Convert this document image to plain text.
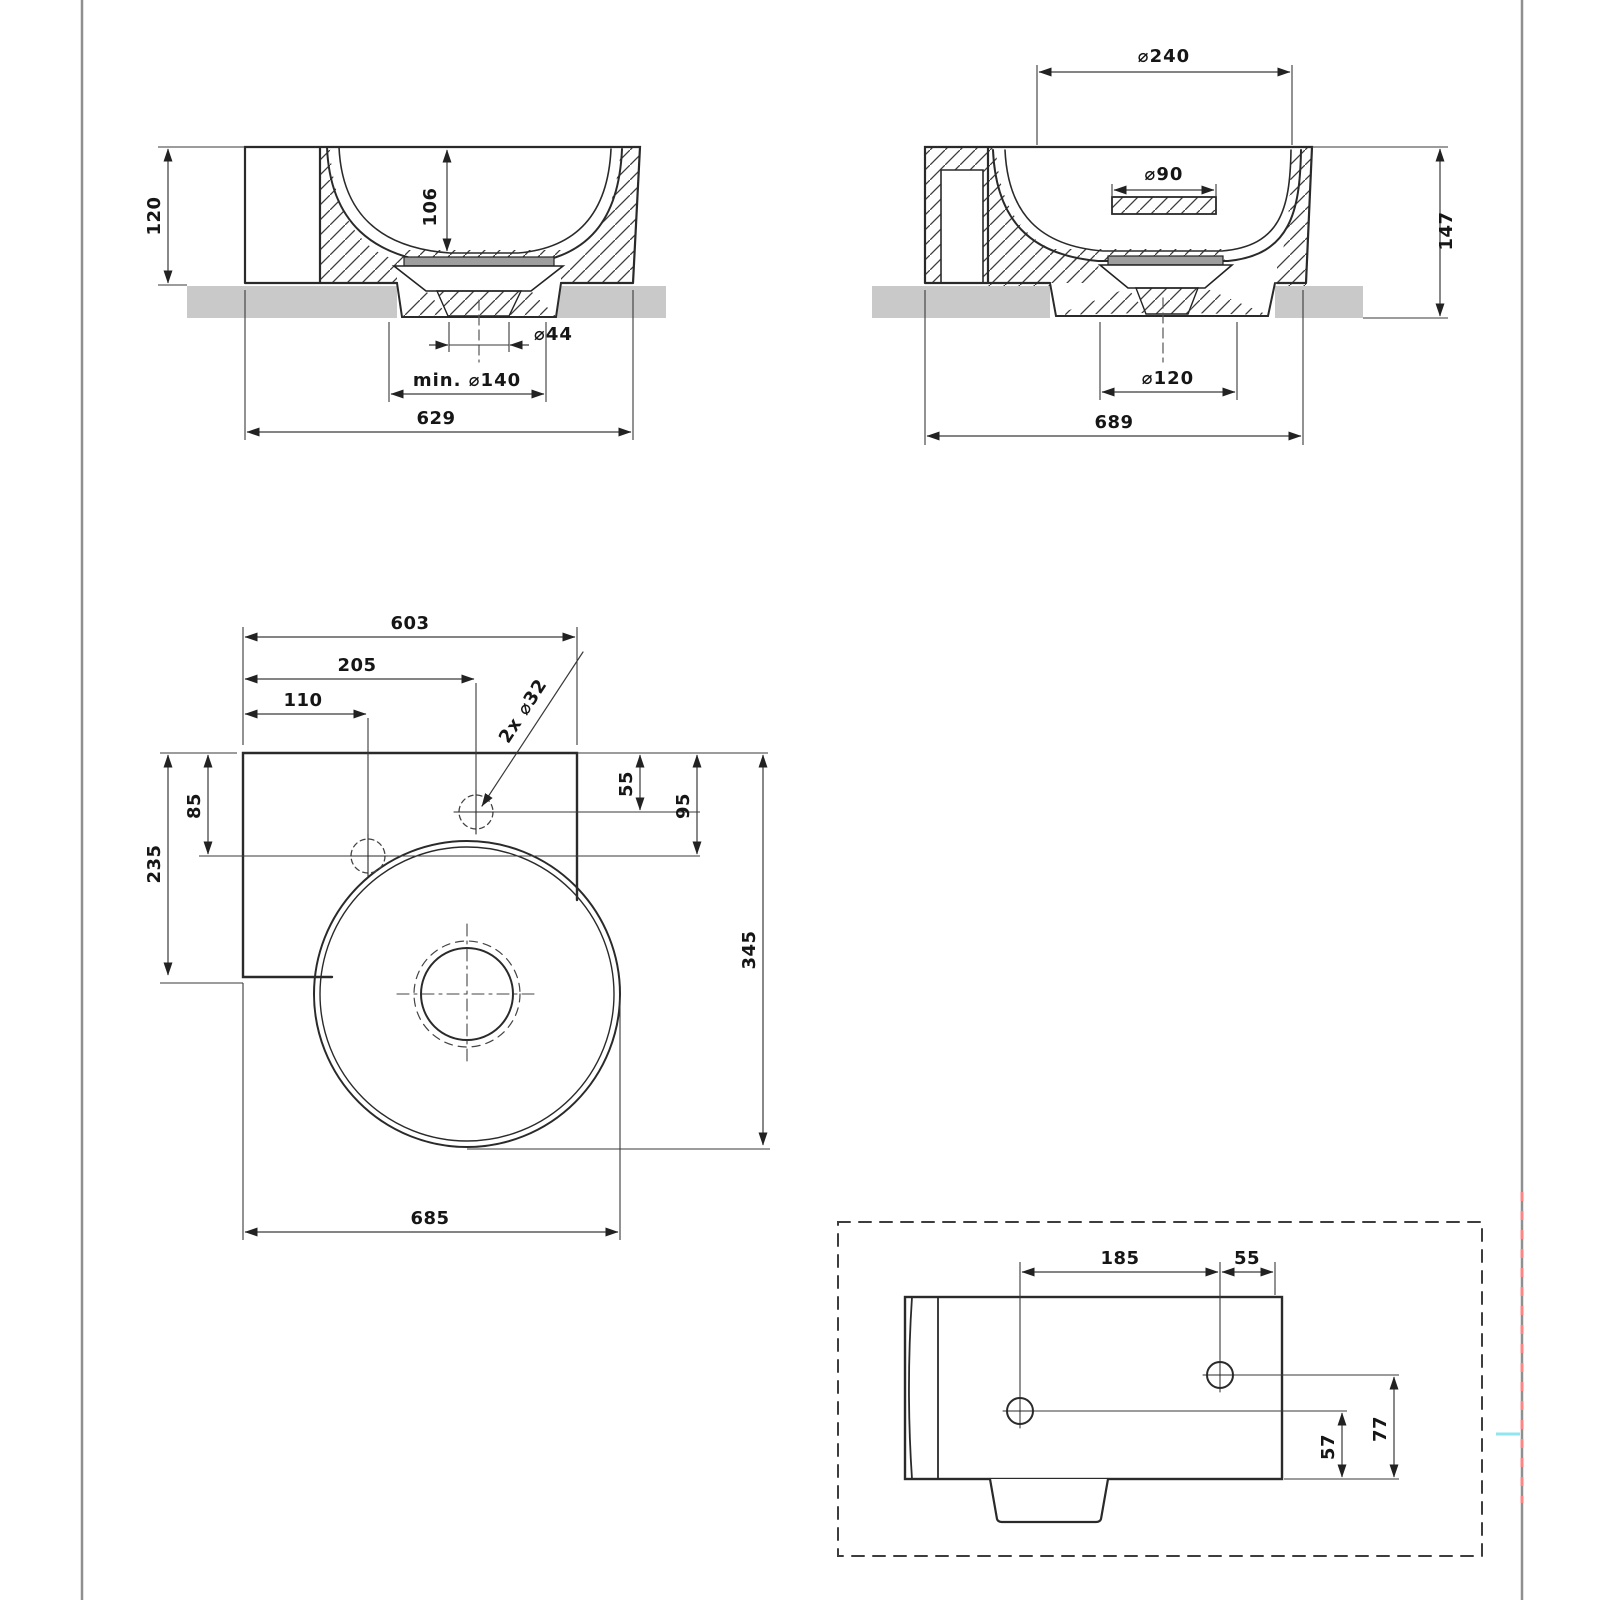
120	106
⌀44
min. ⌀140
629
⌀240
⌀90
147
⌀120
689
603
205
110	2x ⌀32
85
235
55
95
345
685
185	55
57
77
